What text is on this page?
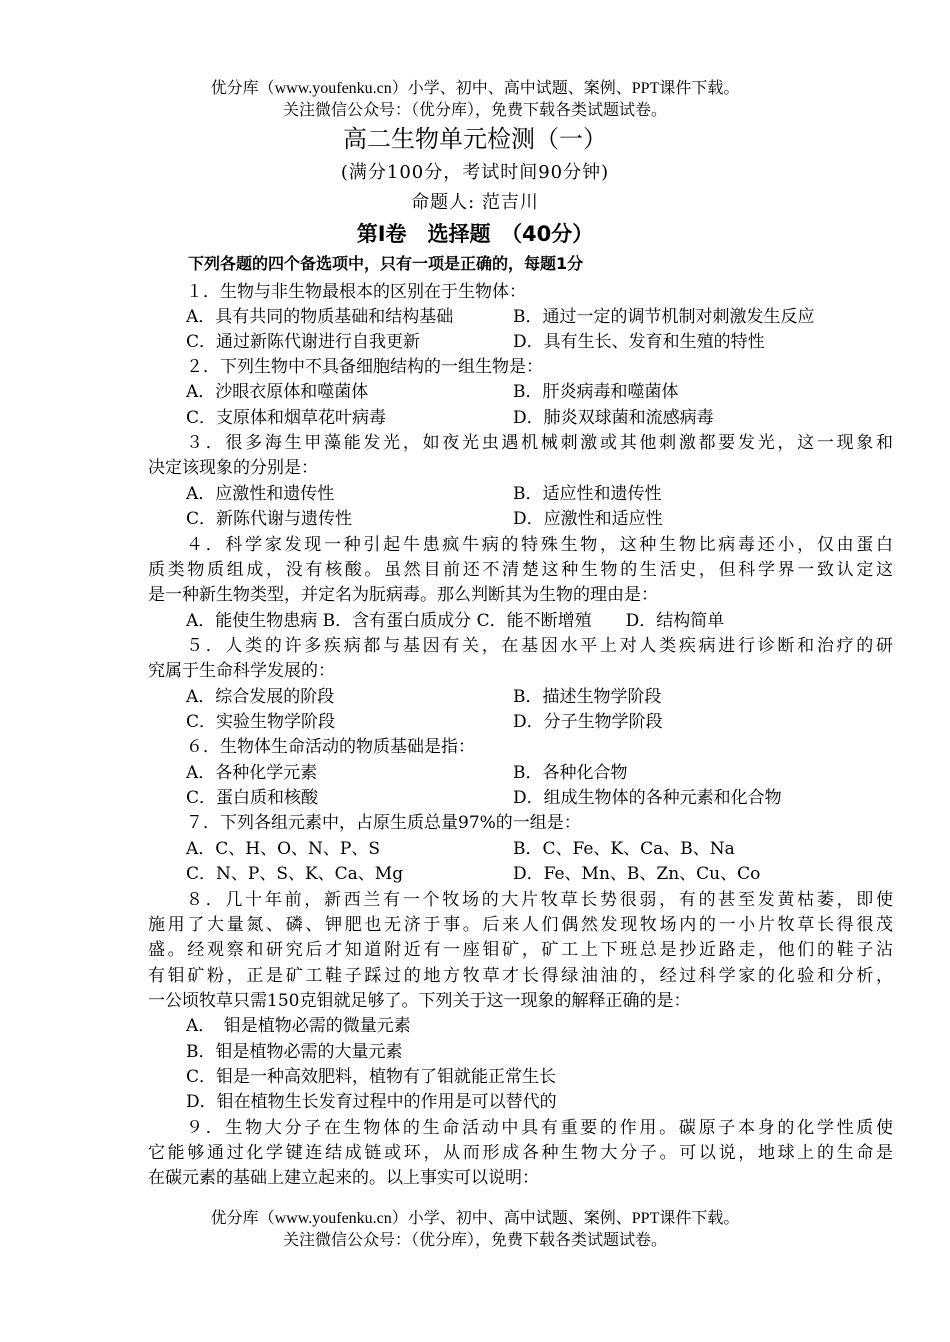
优分库（www.youfenku.cn）小学、初中、高中试题、案例、PPT课件下载。
关注微信公众号：（优分库），免费下载各类试题试卷。
高二生物单元检测（一）
(满分100分，考试时间90分钟)
命题人: 范吉川
第Ⅰ卷　选择题　（40分）
下列各题的四个备选项中，只有一项是正确的，每题1分
１．生物与非生物最根本的区别在于生物体：
A．具有共同的物质基础和结构基础	B．通过一定的调节机制对刺激发生反应
C．通过新陈代谢进行自我更新	D．具有生长、发育和生殖的特性
２．下列生物中不具备细胞结构的一组生物是：
A．沙眼衣原体和噬菌体	B．肝炎病毒和噬菌体
C．支原体和烟草花叶病毒	D．肺炎双球菌和流感病毒
３．很多海生甲藻能发光，如夜光虫遇机械刺激或其他刺激都要发光，这一现象和
决定该现象的分别是：
A．应激性和遗传性	B．适应性和遗传性
C．新陈代谢与遗传性	D．应激性和适应性
４．科学家发现一种引起牛患疯牛病的特殊生物，这种生物比病毒还小，仅由蛋白
质类物质组成，没有核酸。虽然目前还不清楚这种生物的生活史，但科学界一致认定这
是一种新生物类型，并定名为朊病毒。那么判断其为生物的理由是：
A．能使生物患病 B．含有蛋白质成分 C．能不断增殖　　D．结构简单
５．人类的许多疾病都与基因有关，在基因水平上对人类疾病进行诊断和治疗的研
究属于生命科学发展的：
A．综合发展的阶段	B．描述生物学阶段
C．实验生物学阶段	D．分子生物学阶段
６．生物体生命活动的物质基础是指：
A．各种化学元素	B．各种化合物
C．蛋白质和核酸	D．组成生物体的各种元素和化合物
７．下列各组元素中，占原生质总量97%的一组是：
A．C、H、O、N、P、S	B．C、Fe、K、Ca、B、Na
C．N、P、S、K、Ca、Mg	D．Fe、Mn、B、Zn、Cu、Co
８．几十年前，新西兰有一个牧场的大片牧草长势很弱，有的甚至发黄枯萎，即使
施用了大量氮、磷、钾肥也无济于事。后来人们偶然发现牧场内的一小片牧草长得很茂
盛。经观察和研究后才知道附近有一座钼矿，矿工上下班总是抄近路走，他们的鞋子沾
有钼矿粉，正是矿工鞋子踩过的地方牧草才长得绿油油的，经过科学家的化验和分析，
一公顷牧草只需150克钼就足够了。下列关于这一现象的解释正确的是：
A．　钼是植物必需的微量元素
B．钼是植物必需的大量元素
C．钼是一种高效肥料，植物有了钼就能正常生长
D．钼在植物生长发育过程中的作用是可以替代的
９．生物大分子在生物体的生命活动中具有重要的作用。碳原子本身的化学性质使
它能够通过化学键连结成链或环，从而形成各种生物大分子。可以说，地球上的生命是
在碳元素的基础上建立起来的。以上事实可以说明：
优分库（www.youfenku.cn）小学、初中、高中试题、案例、PPT课件下载。
关注微信公众号：（优分库），免费下载各类试题试卷。
